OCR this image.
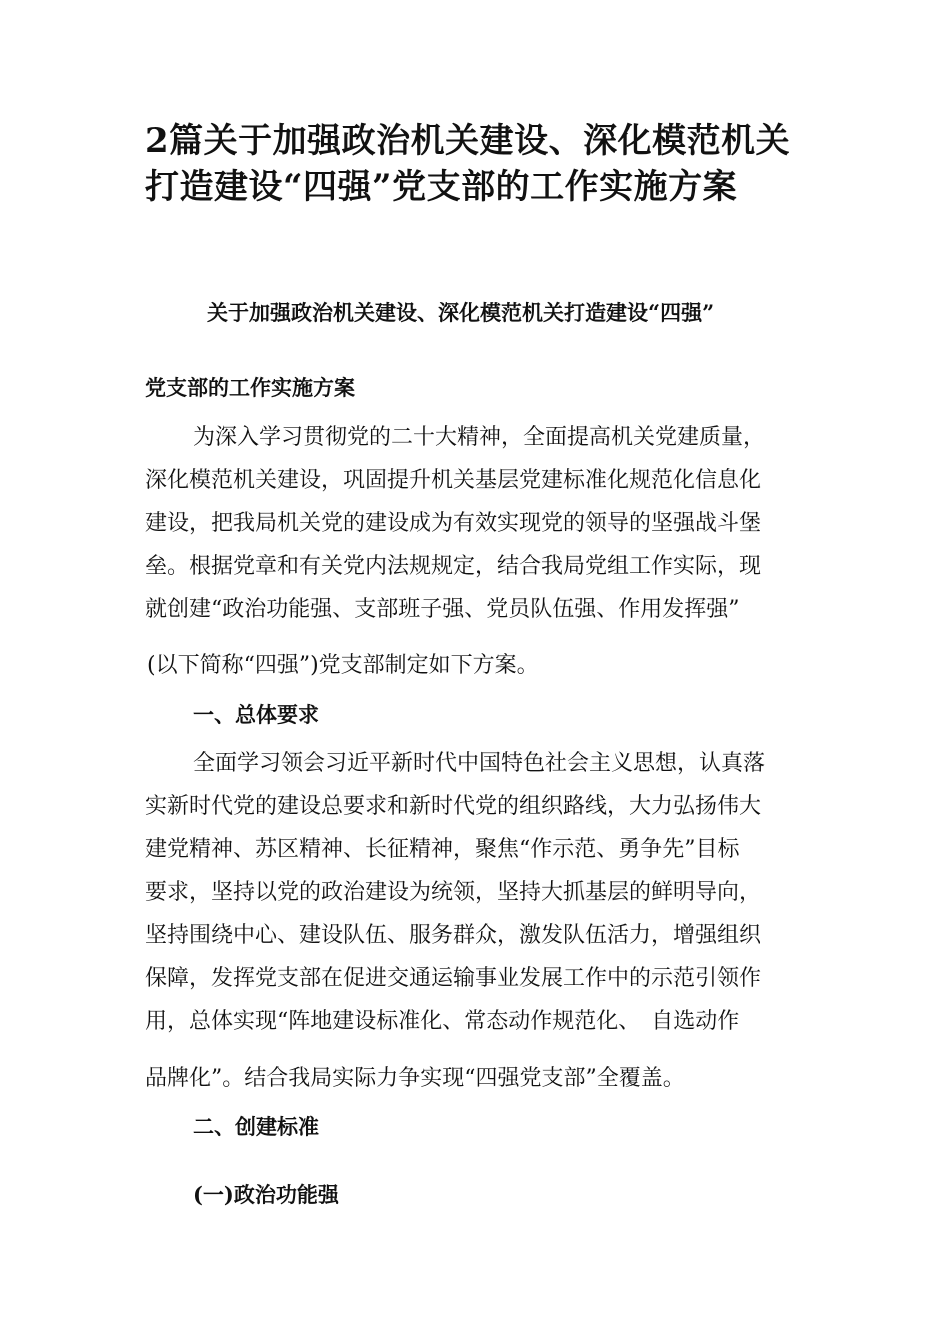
2篇关于加强政治机关建设、深化模范机关
打造建设“四强”党支部的工作实施方案
关于加强政治机关建设、深化模范机关打造建设“四强”
党支部的工作实施方案
为深入学习贯彻党的二十大精神，全面提高机关党建质量，
深化模范机关建设，巩固提升机关基层党建标准化规范化信息化
建设，把我局机关党的建设成为有效实现党的领导的坚强战斗堡
垒。根据党章和有关党内法规规定，结合我局党组工作实际，现
就创建“政治功能强、支部班子强、党员队伍强、作用发挥强”
(以下简称“四强”)党支部制定如下方案。
一、总体要求
全面学习领会习近平新时代中国特色社会主义思想，认真落
实新时代党的建设总要求和新时代党的组织路线，大力弘扬伟大
建党精神、苏区精神、长征精神，聚焦“作示范、勇争先”目标
要求，坚持以党的政治建设为统领，坚持大抓基层的鲜明导向，
坚持围绕中心、建设队伍、服务群众，激发队伍活力，增强组织
保障，发挥党支部在促进交通运输事业发展工作中的示范引领作
用，总体实现“阵地建设标准化、常态动作规范化、　自选动作
品牌化”。结合我局实际力争实现“四强党支部”全覆盖。
二、创建标准
(一)政治功能强
